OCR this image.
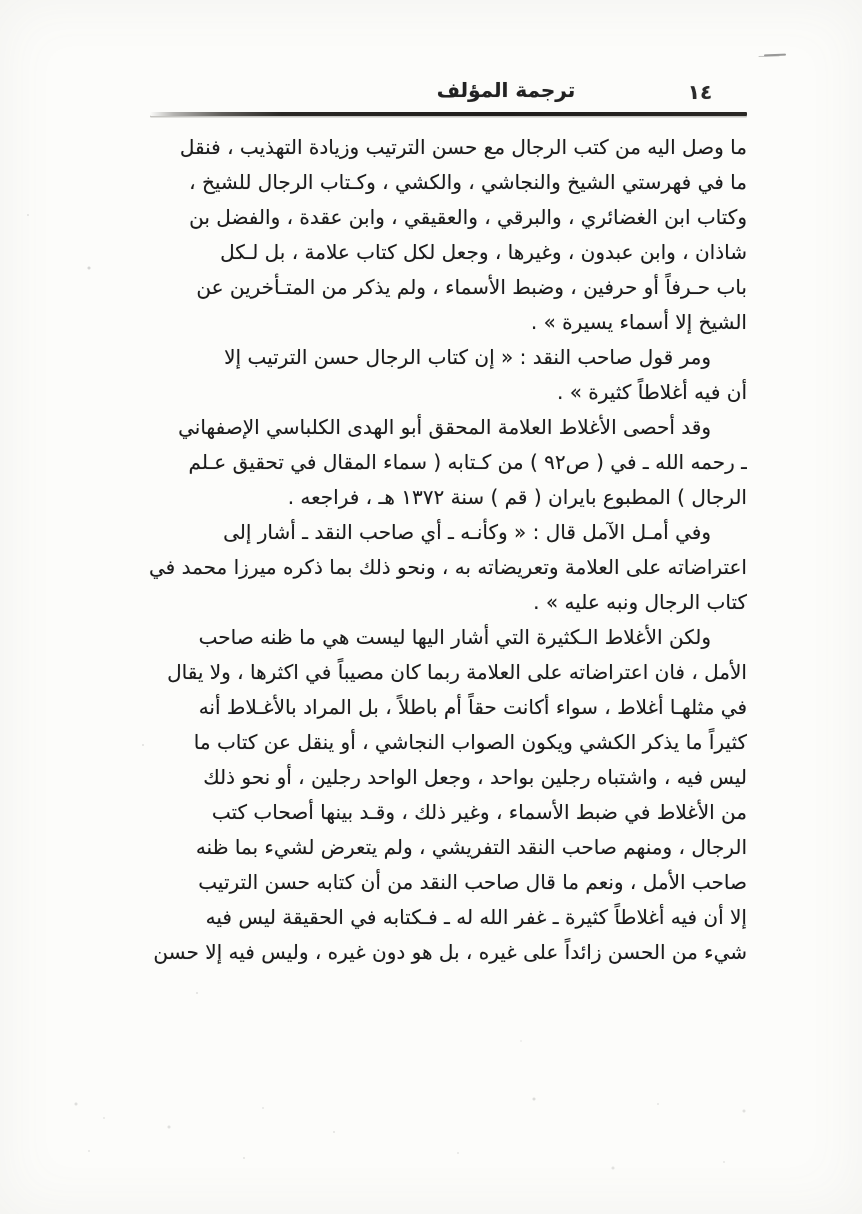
١٤
ترجمة المؤلف
ما وصل اليه من كتب الرجال مع حسن الترتيب وزيادة التهذيب ، فنقل
ما في فهرستي الشيخ والنجاشي ، والكشي ، وكـتاب الرجال للشيخ ،
وكتاب ابن الغضائري ، والبرقي ، والعقيقي ، وابن عقدة ، والفضل بن
شاذان ، وابن عبدون ، وغيرها ، وجعل لكل كتاب علامة ، بل لـكل
باب حـرفاً أو حرفين ، وضبط الأسماء ، ولم يذكر من المتـأخرين عن
الشيخ إلا أسماء يسيرة » .
ومر قول صاحب النقد : « إن كتاب الرجال حسن الترتيب إلا
أن فيه أغلاطاً كثيرة » .
وقد أحصى الأغلاط العلامة المحقق أبو الهدى الكلباسي الإصفهاني
ـ رحمه الله ـ في ( ص٩٢ ) من كـتابه ( سماء المقال في تحقيق عـلم
الرجال ) المطبوع بايران ( قم ) سنة ١٣٧٢ هـ ، فراجعه .
وفي أمـل الآمل قال : « وكأنـه ـ أي صاحب النقد ـ أشار إلى
اعتراضاته على العلامة وتعريضاته به ، ونحو ذلك بما ذكره ميرزا محمد في
كتاب الرجال ونبه عليه » .
ولكن الأغلاط الـكثيرة التي أشار اليها ليست هي ما ظنه صاحب
الأمل ، فان اعتراضاته على العلامة ربما كان مصيباً في اكثرها ، ولا يقال
في مثلهـا أغلاط ، سواء أكانت حقاً أم باطلاً ، بل المراد بالأغـلاط أنه
كثيراً ما يذكر الكشي ويكون الصواب النجاشي ، أو ينقل عن كتاب ما
ليس فيه ، واشتباه رجلين بواحد ، وجعل الواحد رجلين ، أو نحو ذلك
من الأغلاط في ضبط الأسماء ، وغير ذلك ، وقـد بينها أصحاب كتب
الرجال ، ومنهم صاحب النقد التفريشي ، ولم يتعرض لشيء بما ظنه
صاحب الأمل ، ونعم ما قال صاحب النقد من أن كتابه حسن الترتيب
إلا أن فيه أغلاطاً كثيرة ـ غفر الله له ـ فـكتابه في الحقيقة ليس فيه
شيء من الحسن زائداً على غيره ، بل هو دون غيره ، وليس فيه إلا حسن
